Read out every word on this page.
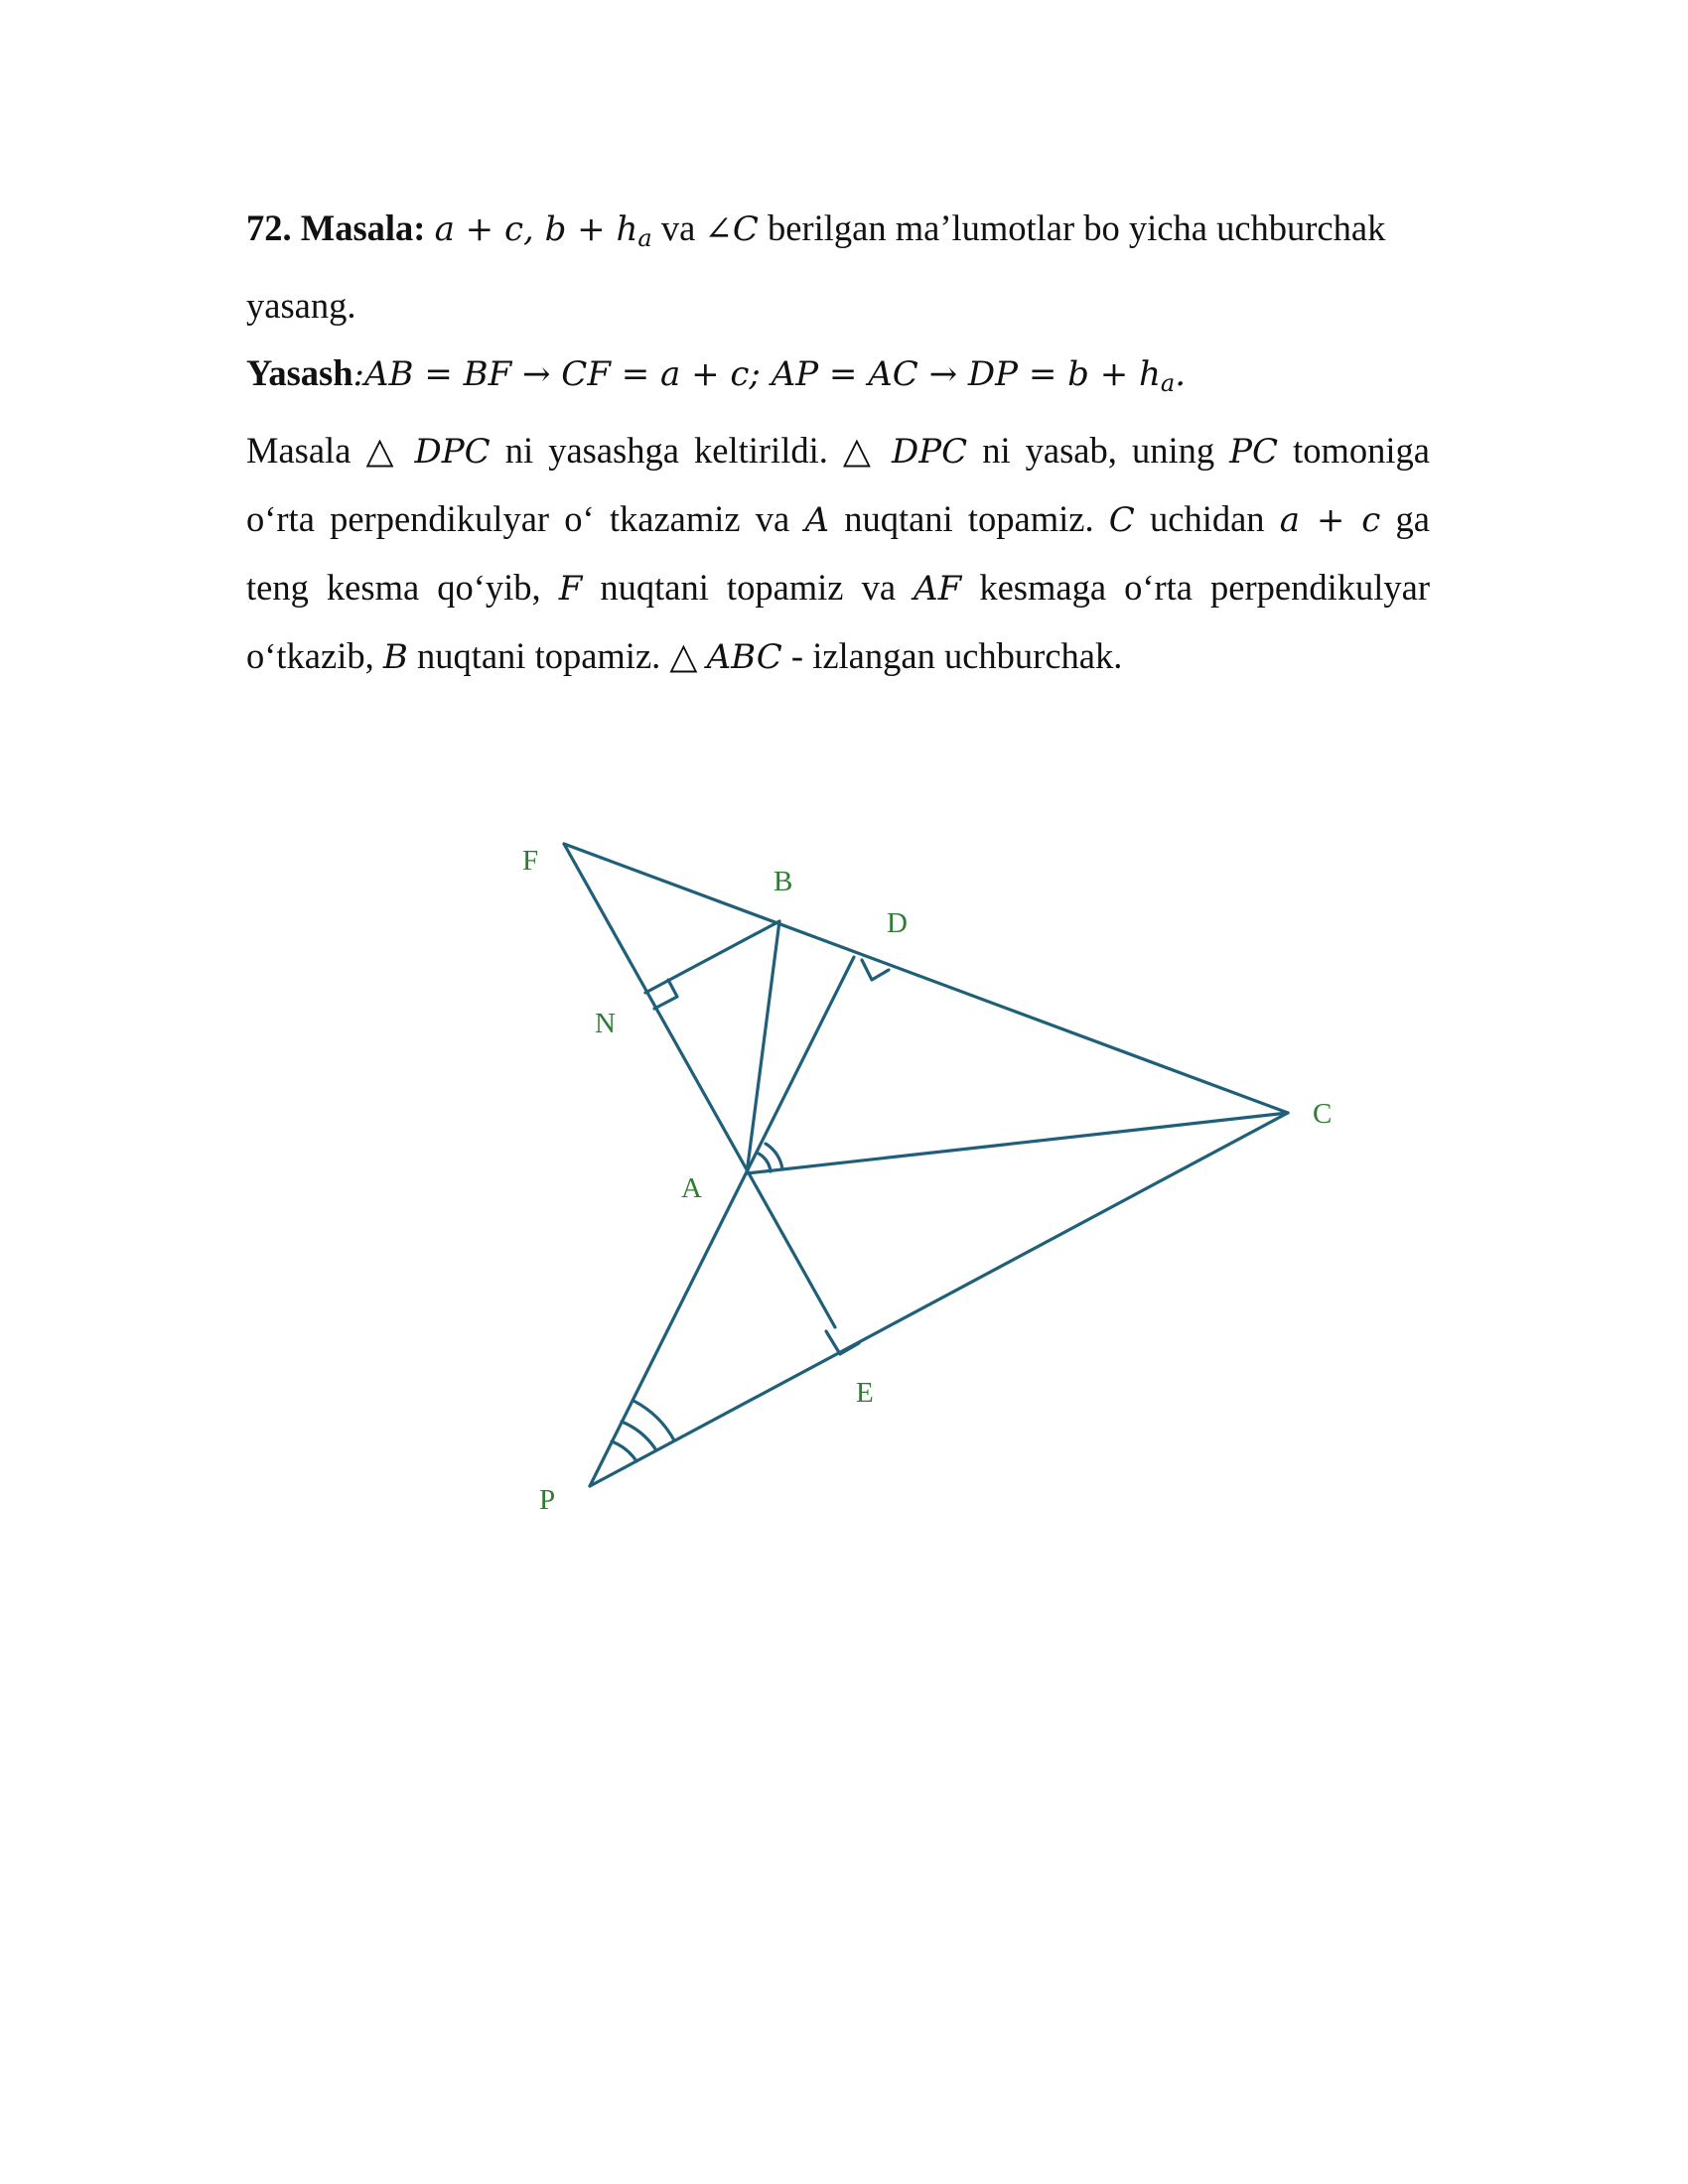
72. Masala: a + c, $b + h_a$ va ∠C berilgan ma’lumotlar bo yicha uchburchak
yasang.
Yasash:AB = BF → CF = a + c; AP = AC → DP = $b + h_a$.
Masala △ DPC ni yasashga keltirildi. △ DPC ni yasab, uning PC tomoniga
o‘rta perpendikulyar o‘ tkazamiz va A nuqtani topamiz. C uchidan a + c ga
teng kesma qo‘yib, F nuqtani topamiz va AF kesmaga o‘rta perpendikulyar
o‘tkazib, B nuqtani topamiz. △ ABC - izlangan uchburchak.
F
B
D
N
C
A
E
P
